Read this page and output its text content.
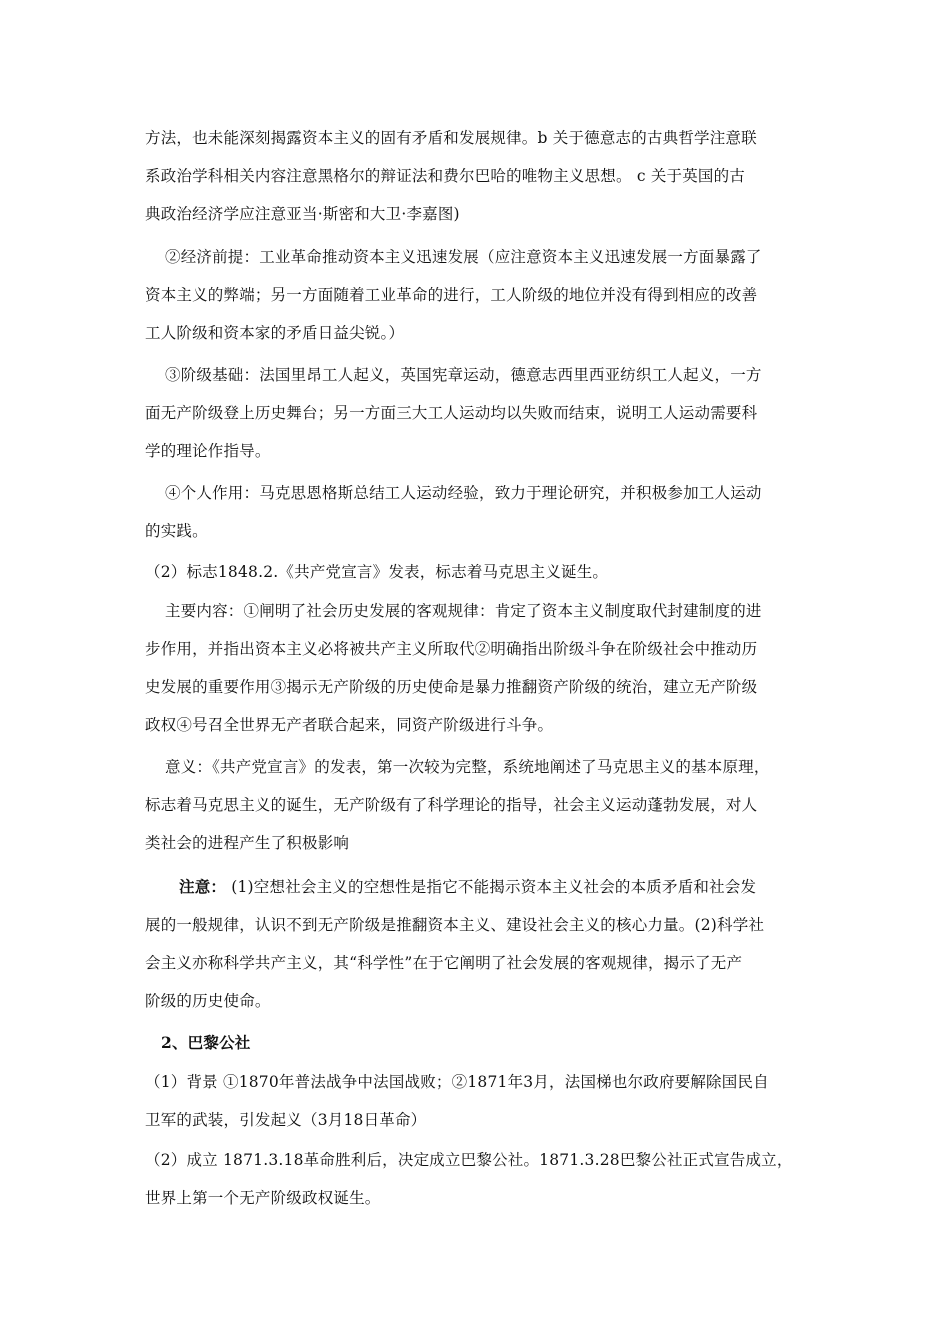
方法，也未能深刻揭露资本主义的固有矛盾和发展规律。b 关于德意志的古典哲学注意联
系政治学科相关内容注意黑格尔的辩证法和费尔巴哈的唯物主义思想。 c 关于英国的古
典政治经济学应注意亚当·斯密和大卫·李嘉图)
②经济前提：工业革命推动资本主义迅速发展（应注意资本主义迅速发展一方面暴露了
资本主义的弊端；另一方面随着工业革命的进行，工人阶级的地位并没有得到相应的改善
工人阶级和资本家的矛盾日益尖锐。）
③阶级基础：法国里昂工人起义，英国宪章运动，德意志西里西亚纺织工人起义，一方
面无产阶级登上历史舞台；另一方面三大工人运动均以失败而结束，说明工人运动需要科
学的理论作指导。
④个人作用：马克思恩格斯总结工人运动经验，致力于理论研究，并积极参加工人运动
的实践。
（2）标志1848.2.《共产党宣言》发表，标志着马克思主义诞生。
主要内容：①闸明了社会历史发展的客观规律：肯定了资本主义制度取代封建制度的进
步作用，并指出资本主义必将被共产主义所取代②明确指出阶级斗争在阶级社会中推动历
史发展的重要作用③揭示无产阶级的历史使命是暴力推翻资产阶级的统治，建立无产阶级
政权④号召全世界无产者联合起来，同资产阶级进行斗争。
意义：《共产党宣言》的发表，第一次较为完整，系统地阐述了马克思主义的基本原理，
标志着马克思主义的诞生，无产阶级有了科学理论的指导，社会主义运动蓬勃发展，对人
类社会的进程产生了积极影响
注意： (1)空想社会主义的空想性是指它不能揭示资本主义社会的本质矛盾和社会发
展的一般规律，认识不到无产阶级是推翻资本主义、建设社会主义的核心力量。(2)科学社
会主义亦称科学共产主义，其“科学性”在于它阐明了社会发展的客观规律，揭示了无产
阶级的历史使命。
2、巴黎公社
（1）背景 ①1870年普法战争中法国战败；②1871年3月，法国梯也尔政府要解除国民自
卫军的武装，引发起义（3月18日革命）
（2）成立 1871.3.18革命胜利后，决定成立巴黎公社。1871.3.28巴黎公社正式宣告成立，
世界上第一个无产阶级政权诞生。
